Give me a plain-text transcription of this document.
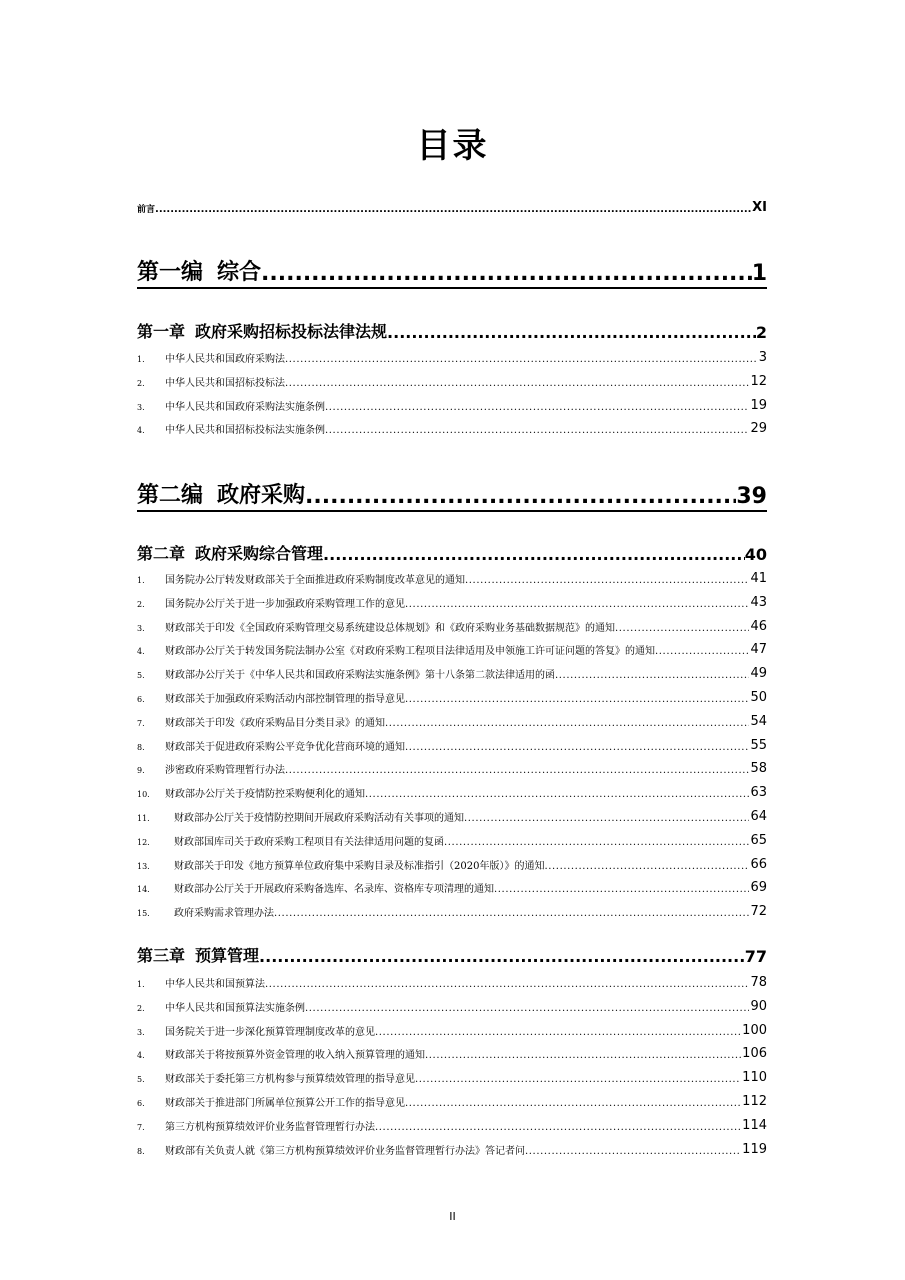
目录
前言 .....	XI
第一编 综合 .....	1
第一章 政府采购招标投标法律法规 .....	2
1. 中华人民共和国政府采购法 .....	3
2. 中华人民共和国招标投标法 .....	12
3. 中华人民共和国政府采购法实施条例 .....	19
4. 中华人民共和国招标投标法实施条例 .....	29
第二编 政府采购 .....	39
第二章 政府采购综合管理 .....	40
1. 国务院办公厅转发财政部关于全面推进政府采购制度改革意见的通知 .....	41
2. 国务院办公厅关于进一步加强政府采购管理工作的意见 .....	43
3. 财政部关于印发《全国政府采购管理交易系统建设总体规划》和《政府采购业务基础数据规范》的通知 .....	46
4. 财政部办公厅关于转发国务院法制办公室《对政府采购工程项目法律适用及申领施工许可证问题的答复》的通知 .....	47
5. 财政部办公厅关于《中华人民共和国政府采购法实施条例》第十八条第二款法律适用的函 .....	49
6. 财政部关于加强政府采购活动内部控制管理的指导意见 .....	50
7. 财政部关于印发《政府采购品目分类目录》的通知 .....	54
8. 财政部关于促进政府采购公平竞争优化营商环境的通知 .....	55
9. 涉密政府采购管理暂行办法 .....	58
10. 财政部办公厅关于疫情防控采购便利化的通知 .....	63
11. 财政部办公厅关于疫情防控期间开展政府采购活动有关事项的通知 .....	64
12. 财政部国库司关于政府采购工程项目有关法律适用问题的复函 .....	65
13. 财政部关于印发《地方预算单位政府集中采购目录及标准指引（2020年版）》的通知 .....	66
14. 财政部办公厅关于开展政府采购备选库、名录库、资格库专项清理的通知 .....	69
15. 政府采购需求管理办法 .....	72
第三章 预算管理 .....	77
1. 中华人民共和国预算法 .....	78
2. 中华人民共和国预算法实施条例 .....	90
3. 国务院关于进一步深化预算管理制度改革的意见 .....	100
4. 财政部关于将按预算外资金管理的收入纳入预算管理的通知 .....	106
5. 财政部关于委托第三方机构参与预算绩效管理的指导意见 .....	110
6. 财政部关于推进部门所属单位预算公开工作的指导意见 .....	112
7. 第三方机构预算绩效评价业务监督管理暂行办法 .....	114
8. 财政部有关负责人就《第三方机构预算绩效评价业务监督管理暂行办法》答记者问 .....	119
II
